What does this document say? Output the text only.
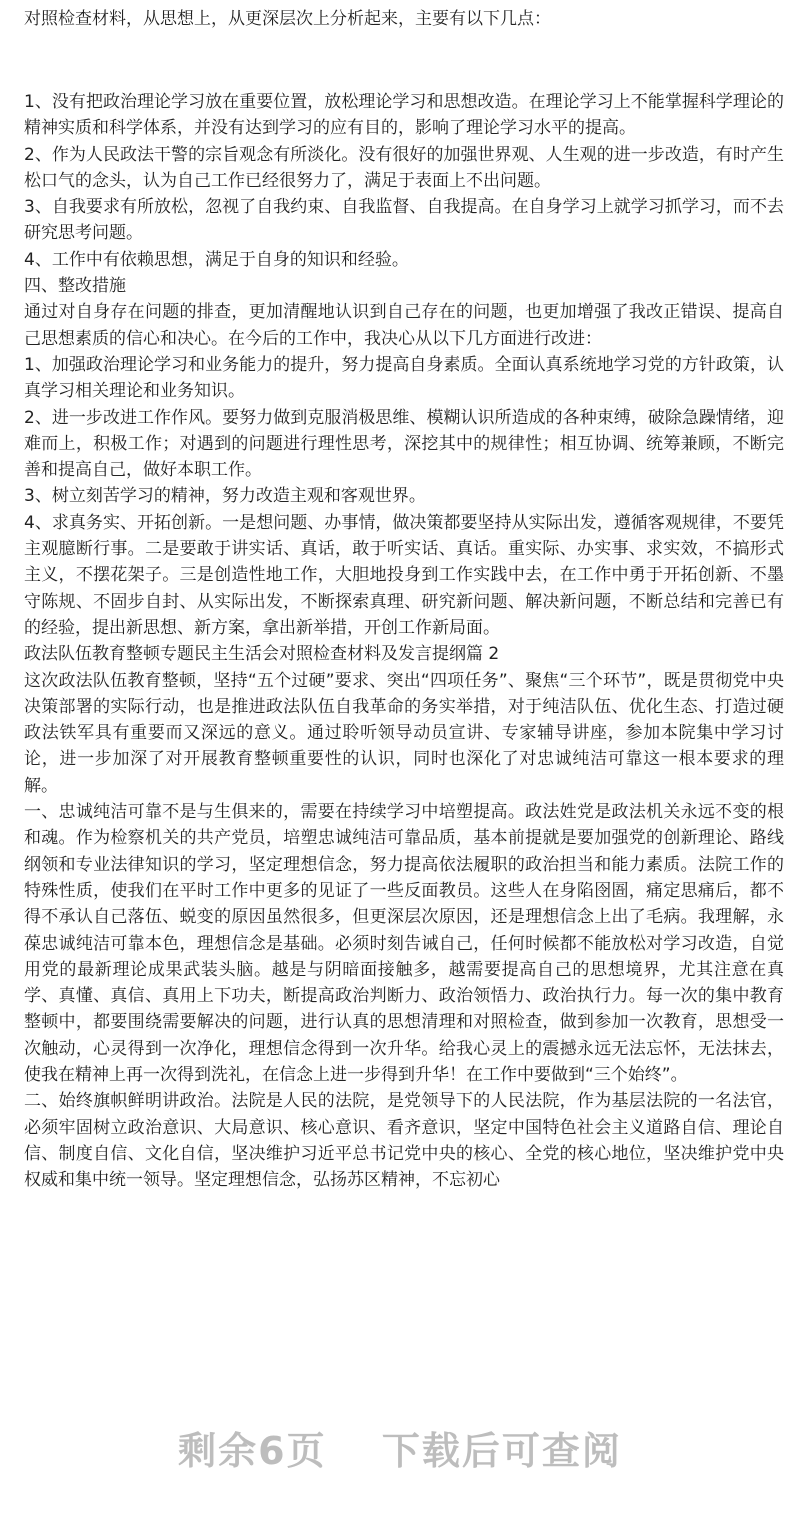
对照检查材料，从思想上，从更深层次上分析起来，主要有以下几点：

1、没有把政治理论学习放在重要位置，放松理论学习和思想改造。在理论学习上不能掌握科学理论的精神实质和科学体系，并没有达到学习的应有目的，影响了理论学习水平的提高。

2、作为人民政法干警的宗旨观念有所淡化。没有很好的加强世界观、人生观的进一步改造，有时产生松口气的念头，认为自己工作已经很努力了，满足于表面上不出问题。

3、自我要求有所放松，忽视了自我约束、自我监督、自我提高。在自身学习上就学习抓学习，而不去研究思考问题。

4、工作中有依赖思想，满足于自身的知识和经验。

四、整改措施

通过对自身存在问题的排查，更加清醒地认识到自己存在的问题，也更加增强了我改正错误、提高自己思想素质的信心和决心。在今后的工作中，我决心从以下几方面进行改进：

1、加强政治理论学习和业务能力的提升，努力提高自身素质。全面认真系统地学习党的方针政策，认真学习相关理论和业务知识。

2、进一步改进工作作风。要努力做到克服消极思维、模糊认识所造成的各种束缚，破除急躁情绪，迎难而上，积极工作；对遇到的问题进行理性思考，深挖其中的规律性；相互协调、统筹兼顾，不断完善和提高自己，做好本职工作。

3、树立刻苦学习的精神，努力改造主观和客观世界。

4、求真务实、开拓创新。一是想问题、办事情，做决策都要坚持从实际出发，遵循客观规律，不要凭主观臆断行事。二是要敢于讲实话、真话，敢于听实话、真话。重实际、办实事、求实效，不搞形式主义，不摆花架子。三是创造性地工作，大胆地投身到工作实践中去，在工作中勇于开拓创新、不墨守陈规、不固步自封、从实际出发，不断探索真理、研究新问题、解决新问题，不断总结和完善已有的经验，提出新思想、新方案，拿出新举措，开创工作新局面。

政法队伍教育整顿专题民主生活会对照检查材料及发言提纲篇 2

这次政法队伍教育整顿，坚持“五个过硬”要求、突出“四项任务”、聚焦“三个环节”，既是贯彻党中央决策部署的实际行动，也是推进政法队伍自我革命的务实举措，对于纯洁队伍、优化生态、打造过硬政法铁军具有重要而又深远的意义。通过聆听领导动员宣讲、专家辅导讲座，参加本院集中学习讨论，进一步加深了对开展教育整顿重要性的认识，同时也深化了对忠诚纯洁可靠这一根本要求的理解。

一、忠诚纯洁可靠不是与生俱来的，需要在持续学习中培塑提高。政法姓党是政法机关永远不变的根和魂。作为检察机关的共产党员，培塑忠诚纯洁可靠品质，基本前提就是要加强党的创新理论、路线纲领和专业法律知识的学习，坚定理想信念，努力提高依法履职的政治担当和能力素质。法院工作的特殊性质，使我们在平时工作中更多的见证了一些反面教员。这些人在身陷囹圄，痛定思痛后，都不得不承认自己落伍、蜕变的原因虽然很多，但更深层次原因，还是理想信念上出了毛病。我理解，永葆忠诚纯洁可靠本色，理想信念是基础。必须时刻告诫自己，任何时候都不能放松对学习改造，自觉用党的最新理论成果武装头脑。越是与阴暗面接触多，越需要提高自己的思想境界，尤其注意在真学、真懂、真信、真用上下功夫，断提高政治判断力、政治领悟力、政治执行力。每一次的集中教育整顿中，都要围绕需要解决的问题，进行认真的思想清理和对照检查，做到参加一次教育，思想受一次触动，心灵得到一次净化，理想信念得到一次升华。给我心灵上的震撼永远无法忘怀，无法抹去，使我在精神上再一次得到洗礼，在信念上进一步得到升华！在工作中要做到“三个始终”。

二、始终旗帜鲜明讲政治。法院是人民的法院，是党领导下的人民法院，作为基层法院的一名法官，必须牢固树立政治意识、大局意识、核心意识、看齐意识，坚定中国特色社会主义道路自信、理论自信、制度自信、文化自信，坚决维护习近平总书记党中央的核心、全党的核心地位，坚决维护党中央权威和集中统一领导。坚定理想信念，弘扬苏区精神，不忘初心

剩余6页 下载后可查阅
